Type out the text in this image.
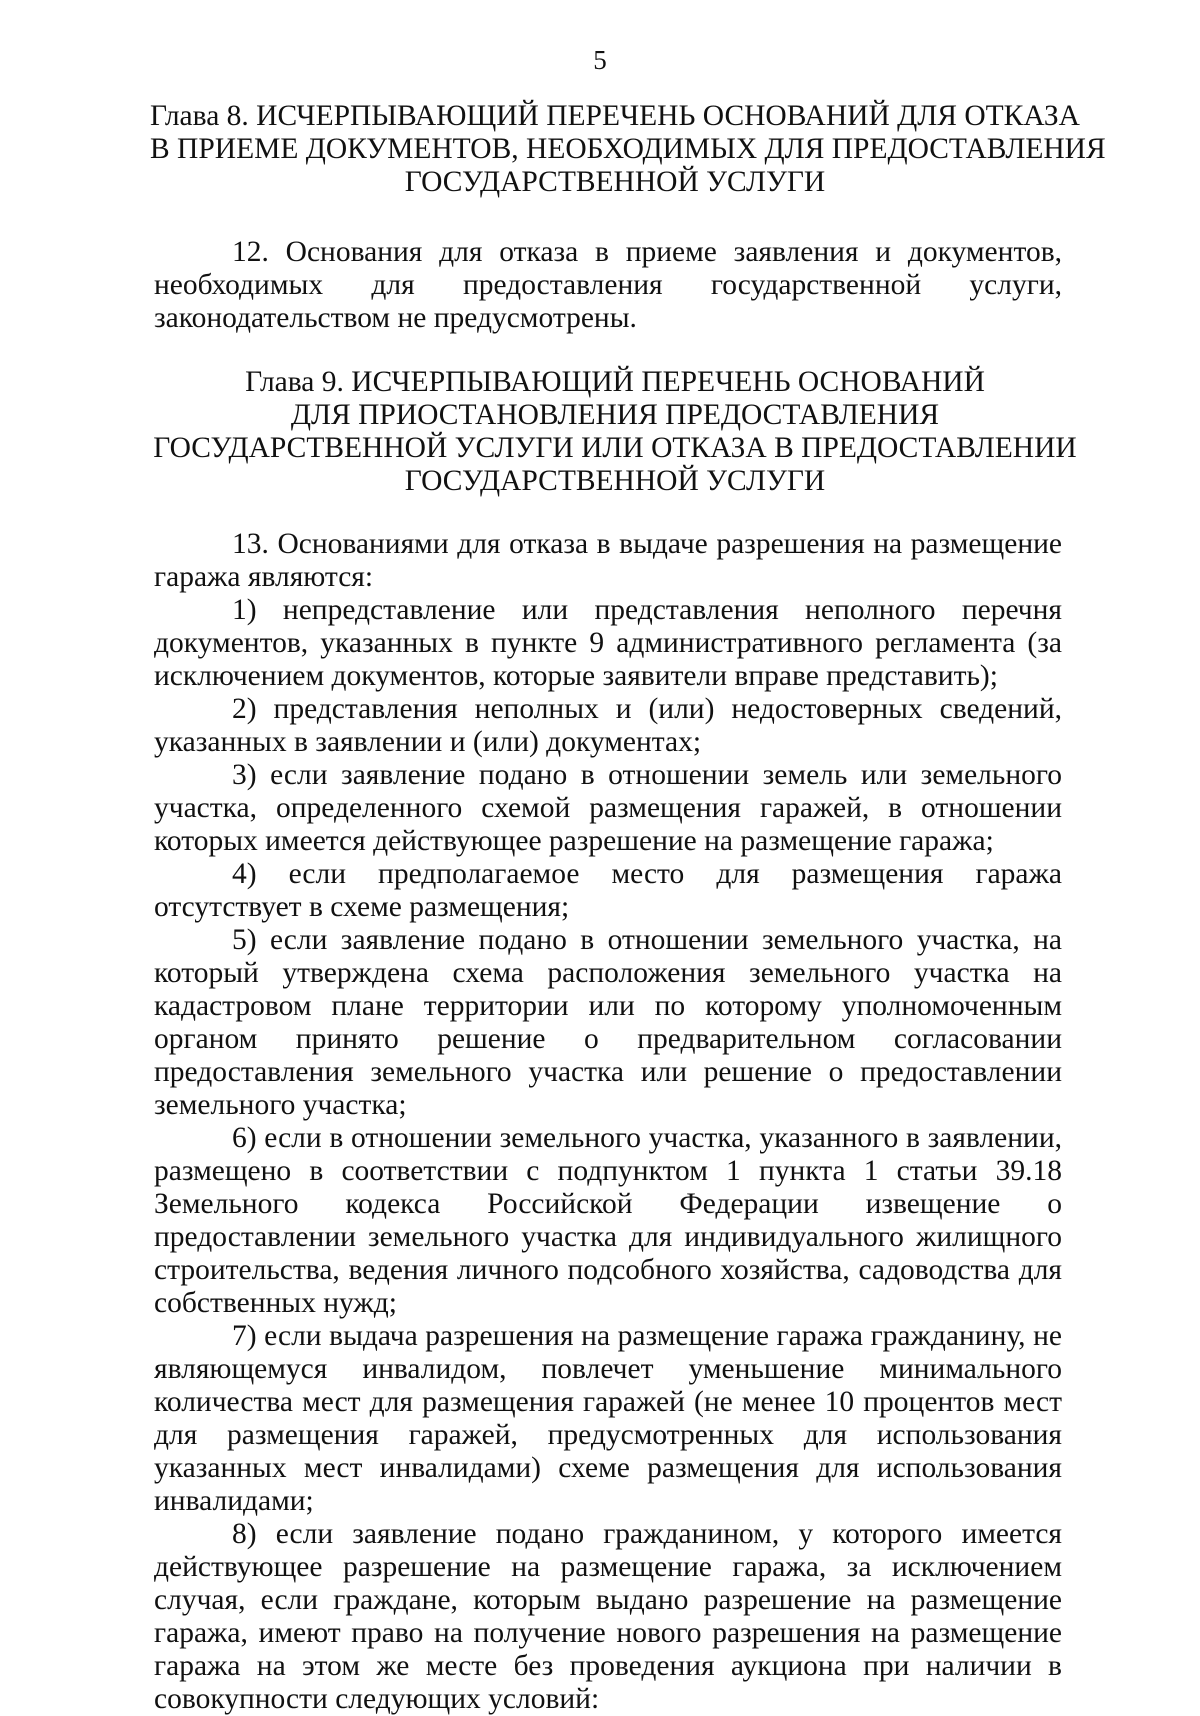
5
Глава 8. ИСЧЕРПЫВАЮЩИЙ ПЕРЕЧЕНЬ ОСНОВАНИЙ ДЛЯ ОТКАЗА
В ПРИЕМЕ ДОКУМЕНТОВ, НЕОБХОДИМЫХ ДЛЯ ПРЕДОСТАВЛЕНИЯ
ГОСУДАРСТВЕННОЙ УСЛУГИ

12. Основания для отказа в приеме заявления и документов, необходимых для предоставления государственной услуги, законодательством не предусмотрены.

Глава 9. ИСЧЕРПЫВАЮЩИЙ ПЕРЕЧЕНЬ ОСНОВАНИЙ
ДЛЯ ПРИОСТАНОВЛЕНИЯ ПРЕДОСТАВЛЕНИЯ
ГОСУДАРСТВЕННОЙ УСЛУГИ ИЛИ ОТКАЗА В ПРЕДОСТАВЛЕНИИ
ГОСУДАРСТВЕННОЙ УСЛУГИ

13. Основаниями для отказа в выдаче разрешения на размещение гаража являются:

1) непредставление или представления неполного перечня документов, указанных в пункте 9 административного регламента (за исключением документов, которые заявители вправе представить);

2) представления неполных и (или) недостоверных сведений, указанных в заявлении и (или) документах;

3) если заявление подано в отношении земель или земельного участка, определенного схемой размещения гаражей, в отношении которых имеется действующее разрешение на размещение гаража;

4) если предполагаемое место для размещения гаража отсутствует в схеме размещения;

5) если заявление подано в отношении земельного участка, на который утверждена схема расположения земельного участка на кадастровом плане территории или по которому уполномоченным органом принято решение о предварительном согласовании предоставления земельного участка или решение о предоставлении земельного участка;

6) если в отношении земельного участка, указанного в заявлении, размещено в соответствии с подпунктом 1 пункта 1 статьи 39.18 Земельного кодекса Российской Федерации извещение о предоставлении земельного участка для индивидуального жилищного строительства, ведения личного подсобного хозяйства, садоводства для собственных нужд;

7) если выдача разрешения на размещение гаража гражданину, не являющемуся инвалидом, повлечет уменьшение минимального количества мест для размещения гаражей (не менее 10 процентов мест для размещения гаражей, предусмотренных для использования указанных мест инвалидами) схеме размещения для использования инвалидами;

8) если заявление подано гражданином, у которого имеется действующее разрешение на размещение гаража, за исключением случая, если граждане, которым выдано разрешение на размещение гаража, имеют право на получение нового разрешения на размещение гаража на этом же месте без проведения аукциона при наличии в совокупности следующих условий:
